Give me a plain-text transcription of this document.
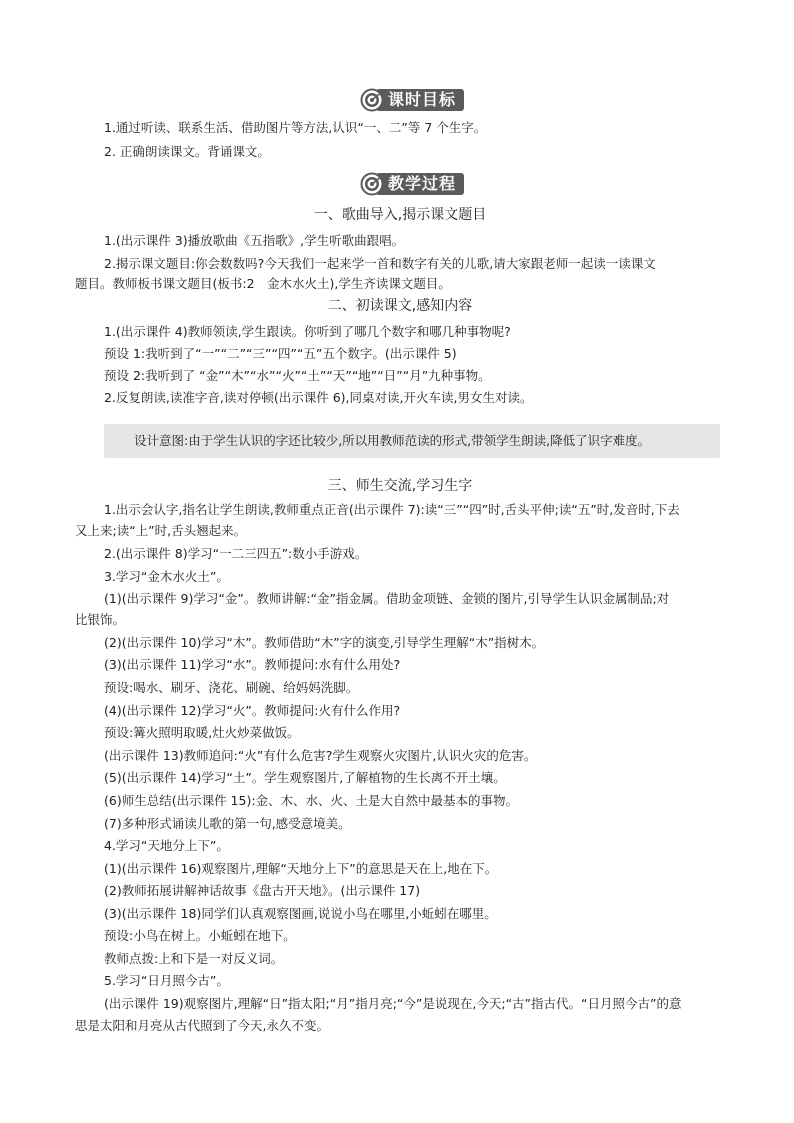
课时目标
1.通过听读、联系生活、借助图片等方法,认识“一、二”等 7 个生字。
2. 正确朗读课文。背诵课文。
教学过程
一、歌曲导入,揭示课文题目
1.(出示课件 3)播放歌曲《五指歌》,学生听歌曲跟唱。
2.揭示课文题目:你会数数吗?今天我们一起来学一首和数字有关的儿歌,请大家跟老师一起读一读课文
题目。教师板书课文题目(板书:2　金木水火土),学生齐读课文题目。
二、初读课文,感知内容
1.(出示课件 4)教师领读,学生跟读。你听到了哪几个数字和哪几种事物呢?
预设 1:我听到了“一”“二”“三”“四”“五”五个数字。(出示课件 5)
预设 2:我听到了 “金”“木”“水”“火”“土”“天”“地”“日”“月”九种事物。
2.反复朗读,读准字音,读对停顿(出示课件 6),同桌对读,开火车读,男女生对读。
设计意图:由于学生认识的字还比较少,所以用教师范读的形式,带领学生朗读,降低了识字难度。
三、师生交流,学习生字
1.出示会认字,指名让学生朗读,教师重点正音(出示课件 7):读“三”“四”时,舌头平伸;读“五”时,发音时,下去
又上来;读“上”时,舌头翘起来。
2.(出示课件 8)学习“一二三四五”:数小手游戏。
3.学习“金木水火土”。
(1)(出示课件 9)学习“金”。教师讲解:“金”指金属。借助金项链、金锁的图片,引导学生认识金属制品;对
比银饰。
(2)(出示课件 10)学习“木”。教师借助“木”字的演变,引导学生理解“木”指树木。
(3)(出示课件 11)学习“水”。教师提问:水有什么用处?
预设:喝水、刷牙、浇花、刷碗、给妈妈洗脚。
(4)(出示课件 12)学习“火”。教师提问:火有什么作用?
预设:篝火照明取暖,灶火炒菜做饭。
(出示课件 13)教师追问:“火”有什么危害?学生观察火灾图片,认识火灾的危害。
(5)(出示课件 14)学习“土”。学生观察图片,了解植物的生长离不开土壤。
(6)师生总结(出示课件 15):金、木、水、火、土是大自然中最基本的事物。
(7)多种形式诵读儿歌的第一句,感受意境美。
4.学习“天地分上下”。
(1)(出示课件 16)观察图片,理解“天地分上下”的意思是天在上,地在下。
(2)教师拓展讲解神话故事《盘古开天地》。(出示课件 17)
(3)(出示课件 18)同学们认真观察图画,说说小鸟在哪里,小蚯蚓在哪里。
预设:小鸟在树上。小蚯蚓在地下。
教师点拨:上和下是一对反义词。
5.学习“日月照今古”。
(出示课件 19)观察图片,理解“日”指太阳;“月”指月亮;“今”是说现在,今天;“古”指古代。“日月照今古”的意
思是太阳和月亮从古代照到了今天,永久不变。
